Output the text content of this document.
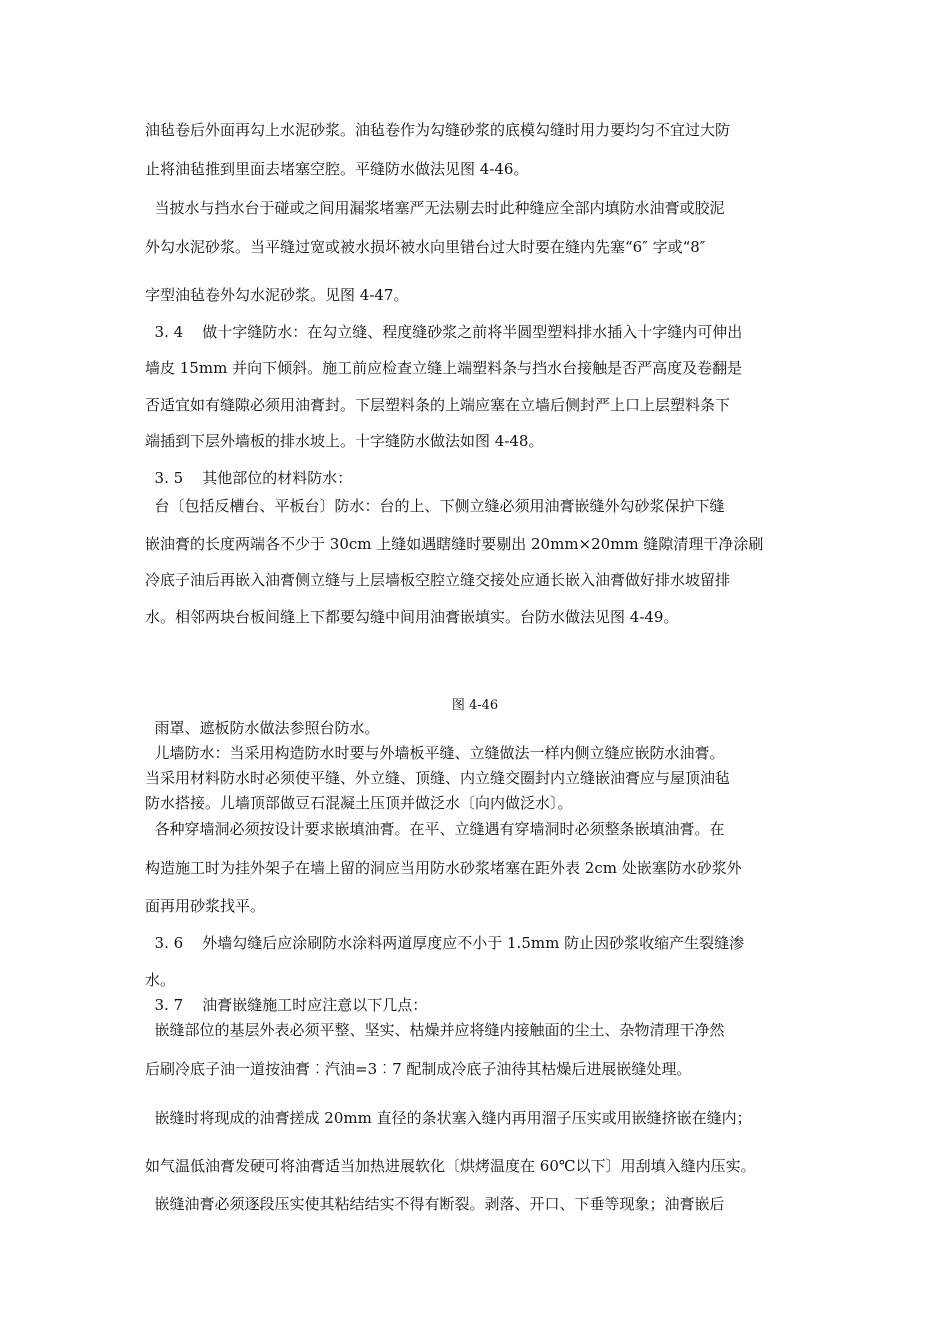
油毡卷后外面再勾上水泥砂浆。油毡卷作为勾缝砂浆的底模勾缝时用力要均匀不宜过大防
止将油毡推到里面去堵塞空腔。平缝防水做法见图 4-46。
当披水与挡水台于碰或之间用漏浆堵塞严无法剔去时此种缝应全部内填防水油膏或胶泥
外勾水泥砂浆。当平缝过宽或被水损坏被水向里错台过大时要在缝内先塞“6″ 字或“8″
字型油毡卷外勾水泥砂浆。见图 4-47。
3. 4    做十字缝防水：在勾立缝、程度缝砂浆之前将半圆型塑料排水插入十字缝内可伸出
墙皮 15mm 并向下倾斜。施工前应检查立缝上端塑料条与挡水台接触是否严高度及卷翻是
否适宜如有缝隙必须用油膏封。下层塑料条的上端应塞在立墙后侧封严上口上层塑料条下
端插到下层外墙板的排水坡上。十字缝防水做法如图 4-48。
3. 5    其他部位的材料防水：
台〔包括反槽台、平板台〕防水：台的上、下侧立缝必须用油膏嵌缝外勾砂浆保护下缝
嵌油膏的长度两端各不少于 30cm 上缝如遇瞎缝时要剔出 20mm×20mm 缝隙清理干净涂刷
冷底子油后再嵌入油膏侧立缝与上层墙板空腔立缝交接处应通长嵌入油膏做好排水坡留排
水。相邻两块台板间缝上下都要勾缝中间用油膏嵌填实。台防水做法见图 4-49。
图 4-46
雨罩、遮板防水做法参照台防水。
儿墙防水：当采用构造防水时要与外墙板平缝、立缝做法一样内侧立缝应嵌防水油膏。
当采用材料防水时必须使平缝、外立缝、顶缝、内立缝交圈封内立缝嵌油膏应与屋顶油毡
防水搭接。儿墙顶部做豆石混凝土压顶并做泛水〔向内做泛水〕。
各种穿墙洞必须按设计要求嵌填油膏。在平、立缝遇有穿墙洞时必须整条嵌填油膏。在
构造施工时为挂外架子在墙上留的洞应当用防水砂浆堵塞在距外表 2cm 处嵌塞防水砂浆外
面再用砂浆找平。
3. 6    外墙勾缝后应涂刷防水涂料两道厚度应不小于 1.5mm 防止因砂浆收缩产生裂缝渗
水。
3. 7    油膏嵌缝施工时应注意以下几点：
嵌缝部位的基层外表必须平整、坚实、枯燥并应将缝内接触面的尘土、杂物清理干净然
后刷冷底子油一道按油膏︰汽油=3︰7 配制成冷底子油待其枯燥后进展嵌缝处理。
嵌缝时将现成的油膏搓成 20mm 直径的条状塞入缝内再用溜子压实或用嵌缝挤嵌在缝内；
如气温低油膏发硬可将油膏适当加热进展软化〔烘烤温度在 60℃以下〕用刮填入缝内压实。
嵌缝油膏必须逐段压实使其粘结结实不得有断裂。剥落、开口、下垂等现象；油膏嵌后
